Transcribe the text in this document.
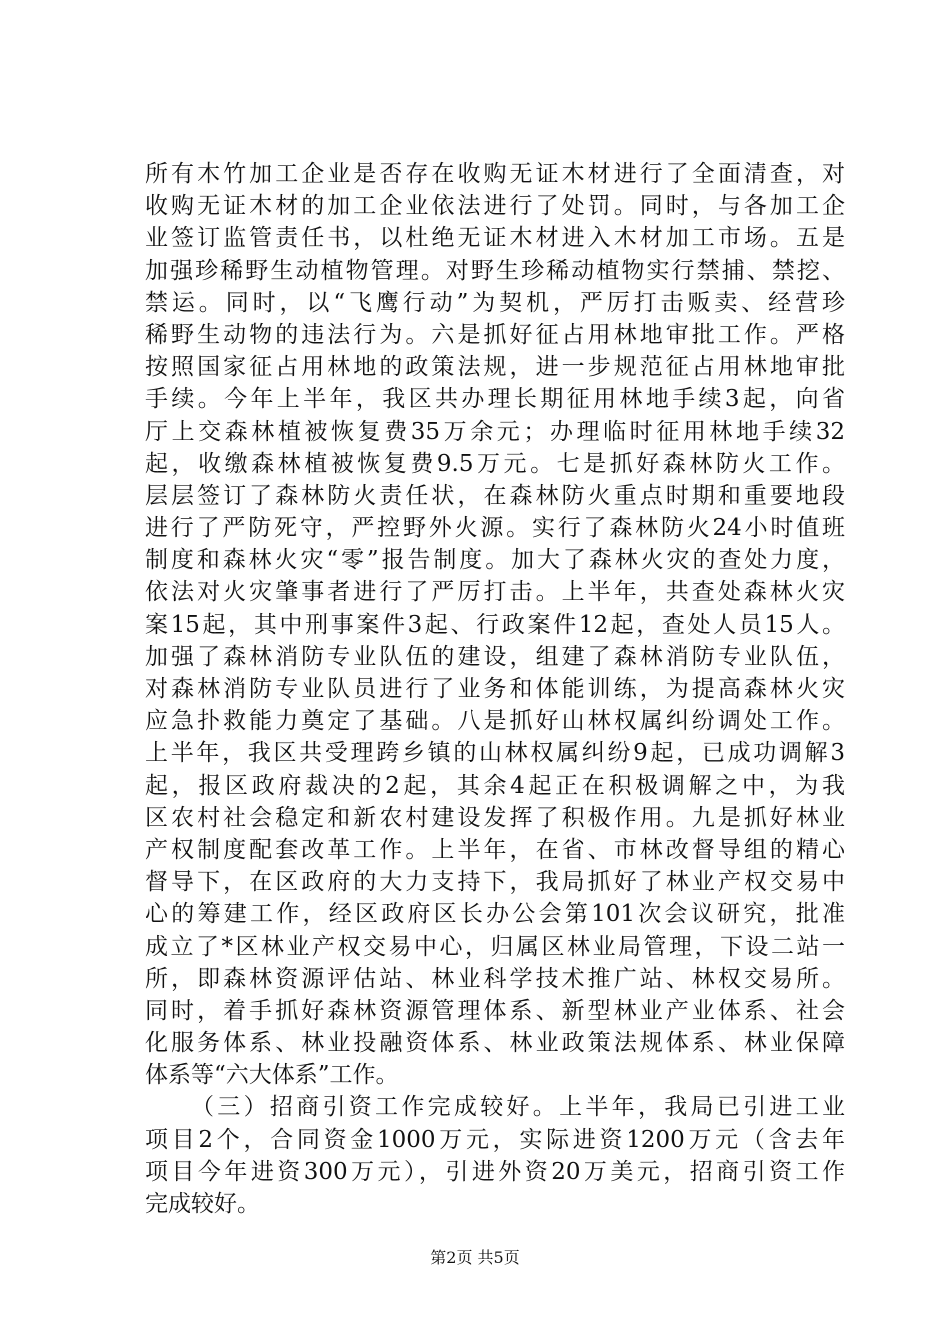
所有木竹加工企业是否存在收购无证木材进行了全面清查，对
收购无证木材的加工企业依法进行了处罚。同时，与各加工企
业签订监管责任书，以杜绝无证木材进入木材加工市场。五是
加强珍稀野生动植物管理。对野生珍稀动植物实行禁捕、禁挖、
禁运。同时，以“飞鹰行动”为契机，严厉打击贩卖、经营珍
稀野生动物的违法行为。六是抓好征占用林地审批工作。严格
按照国家征占用林地的政策法规，进一步规范征占用林地审批
手续。今年上半年，我区共办理长期征用林地手续3起，向省
厅上交森林植被恢复费35万余元；办理临时征用林地手续32
起，收缴森林植被恢复费9.5万元。七是抓好森林防火工作。
层层签订了森林防火责任状，在森林防火重点时期和重要地段
进行了严防死守，严控野外火源。实行了森林防火24小时值班
制度和森林火灾“零”报告制度。加大了森林火灾的查处力度，
依法对火灾肇事者进行了严厉打击。上半年，共查处森林火灾
案15起，其中刑事案件3起、行政案件12起，查处人员15人。
加强了森林消防专业队伍的建设，组建了森林消防专业队伍，
对森林消防专业队员进行了业务和体能训练，为提高森林火灾
应急扑救能力奠定了基础。八是抓好山林权属纠纷调处工作。
上半年，我区共受理跨乡镇的山林权属纠纷9起，已成功调解3
起，报区政府裁决的2起，其余4起正在积极调解之中，为我
区农村社会稳定和新农村建设发挥了积极作用。九是抓好林业
产权制度配套改革工作。上半年，在省、市林改督导组的精心
督导下，在区政府的大力支持下，我局抓好了林业产权交易中
心的筹建工作，经区政府区长办公会第101次会议研究，批准
成立了*区林业产权交易中心，归属区林业局管理，下设二站一
所，即森林资源评估站、林业科学技术推广站、林权交易所。
同时，着手抓好森林资源管理体系、新型林业产业体系、社会
化服务体系、林业投融资体系、林业政策法规体系、林业保障
体系等“六大体系”工作。
（三）招商引资工作完成较好。上半年，我局已引进工业
项目2个，合同资金1000万元，实际进资1200万元（含去年
项目今年进资300万元），引进外资20万美元，招商引资工作
完成较好。
第2页 共5页
